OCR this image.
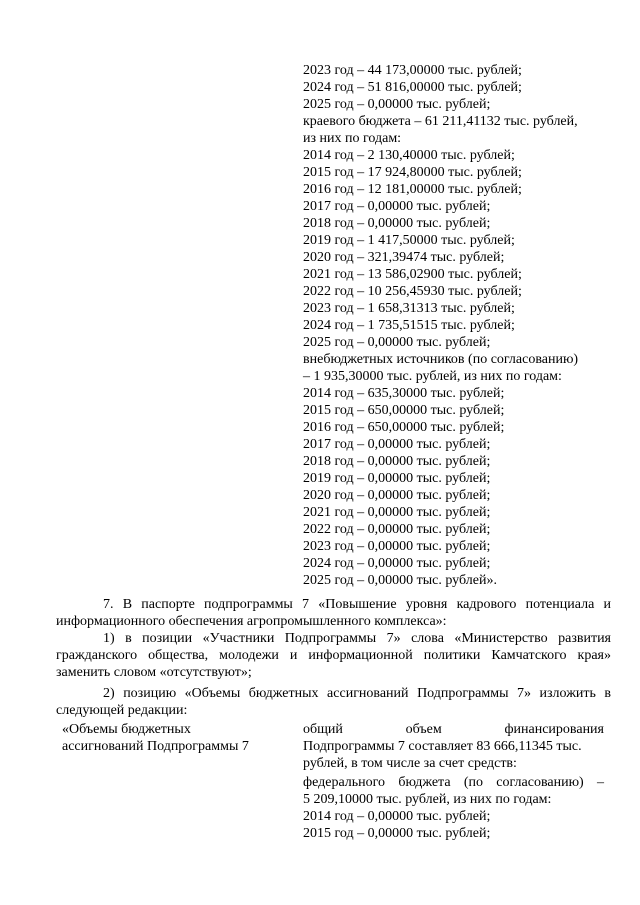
2023 год – 44 173,00000 тыс. рублей;
2024 год – 51 816,00000 тыс. рублей;
2025 год – 0,00000 тыс. рублей;
краевого бюджета – 61 211,41132 тыс. рублей,
из них по годам:
2014 год – 2 130,40000 тыс. рублей;
2015 год – 17 924,80000 тыс. рублей;
2016 год – 12 181,00000 тыс. рублей;
2017 год – 0,00000 тыс. рублей;
2018 год – 0,00000 тыс. рублей;
2019 год – 1 417,50000 тыс. рублей;
2020 год – 321,39474 тыс. рублей;
2021 год – 13 586,02900 тыс. рублей;
2022 год – 10 256,45930 тыс. рублей;
2023 год – 1 658,31313 тыс. рублей;
2024 год – 1 735,51515 тыс. рублей;
2025 год – 0,00000 тыс. рублей;
внебюджетных источников (по согласованию)
– 1 935,30000 тыс. рублей, из них по годам:
2014 год – 635,30000 тыс. рублей;
2015 год – 650,00000 тыс. рублей;
2016 год – 650,00000 тыс. рублей;
2017 год – 0,00000 тыс. рублей;
2018 год – 0,00000 тыс. рублей;
2019 год – 0,00000 тыс. рублей;
2020 год – 0,00000 тыс. рублей;
2021 год – 0,00000 тыс. рублей;
2022 год – 0,00000 тыс. рублей;
2023 год – 0,00000 тыс. рублей;
2024 год – 0,00000 тыс. рублей;
2025 год – 0,00000 тыс. рублей».
7. В паспорте подпрограммы 7 «Повышение уровня кадрового потенциала и
информационного обеспечения агропромышленного комплекса»:
1) в позиции «Участники Подпрограммы 7» слова «Министерство развития
гражданского общества, молодежи и информационной политики Камчатского края»
заменить словом «отсутствуют»;
2) позицию «Объемы бюджетных ассигнований Подпрограммы 7» изложить в
следующей редакции:
«Объемы бюджетных
ассигнований Подпрограммы 7
общий объем финансирования
Подпрограммы 7 составляет 83 666,11345 тыс.
рублей, в том числе за счет средств:
федерального бюджета (по согласованию) –
5 209,10000 тыс. рублей, из них по годам:
2014 год – 0,00000 тыс. рублей;
2015 год – 0,00000 тыс. рублей;
